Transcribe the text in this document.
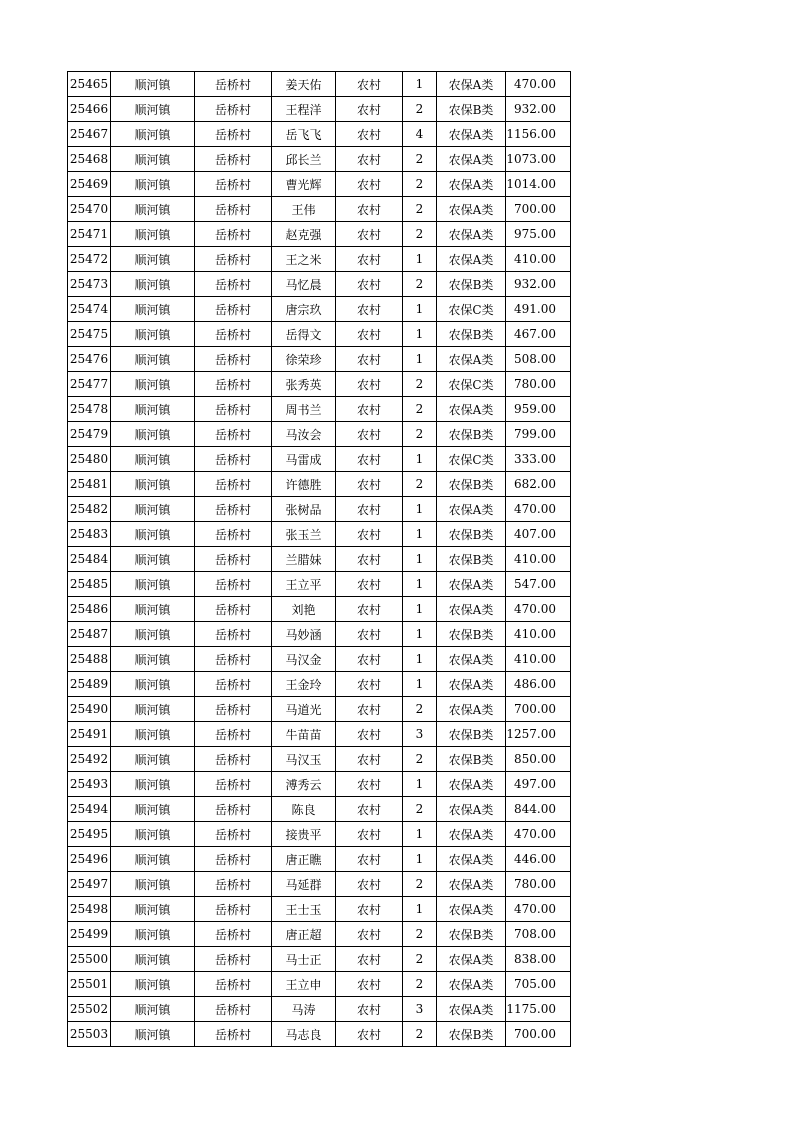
25465	顺河镇	岳桥村	姜天佑	农村	1	农保A类	470.00
25466	顺河镇	岳桥村	王程洋	农村	2	农保B类	932.00
25467	顺河镇	岳桥村	岳飞飞	农村	4	农保A类	1156.00
25468	顺河镇	岳桥村	邱长兰	农村	2	农保A类	1073.00
25469	顺河镇	岳桥村	曹光辉	农村	2	农保A类	1014.00
25470	顺河镇	岳桥村	王伟	农村	2	农保A类	700.00
25471	顺河镇	岳桥村	赵克强	农村	2	农保A类	975.00
25472	顺河镇	岳桥村	王之米	农村	1	农保A类	410.00
25473	顺河镇	岳桥村	马忆晨	农村	2	农保B类	932.00
25474	顺河镇	岳桥村	唐宗玖	农村	1	农保C类	491.00
25475	顺河镇	岳桥村	岳得文	农村	1	农保B类	467.00
25476	顺河镇	岳桥村	徐荣珍	农村	1	农保A类	508.00
25477	顺河镇	岳桥村	张秀英	农村	2	农保C类	780.00
25478	顺河镇	岳桥村	周书兰	农村	2	农保A类	959.00
25479	顺河镇	岳桥村	马汝会	农村	2	农保B类	799.00
25480	顺河镇	岳桥村	马雷成	农村	1	农保C类	333.00
25481	顺河镇	岳桥村	许德胜	农村	2	农保B类	682.00
25482	顺河镇	岳桥村	张树品	农村	1	农保A类	470.00
25483	顺河镇	岳桥村	张玉兰	农村	1	农保B类	407.00
25484	顺河镇	岳桥村	兰腊妹	农村	1	农保B类	410.00
25485	顺河镇	岳桥村	王立平	农村	1	农保A类	547.00
25486	顺河镇	岳桥村	刘艳	农村	1	农保A类	470.00
25487	顺河镇	岳桥村	马妙涵	农村	1	农保B类	410.00
25488	顺河镇	岳桥村	马汉金	农村	1	农保A类	410.00
25489	顺河镇	岳桥村	王金玲	农村	1	农保A类	486.00
25490	顺河镇	岳桥村	马道光	农村	2	农保A类	700.00
25491	顺河镇	岳桥村	牛苗苗	农村	3	农保B类	1257.00
25492	顺河镇	岳桥村	马汉玉	农村	2	农保B类	850.00
25493	顺河镇	岳桥村	溥秀云	农村	1	农保A类	497.00
25494	顺河镇	岳桥村	陈良	农村	2	农保A类	844.00
25495	顺河镇	岳桥村	接贵平	农村	1	农保A类	470.00
25496	顺河镇	岳桥村	唐正瞧	农村	1	农保A类	446.00
25497	顺河镇	岳桥村	马延群	农村	2	农保A类	780.00
25498	顺河镇	岳桥村	王士玉	农村	1	农保A类	470.00
25499	顺河镇	岳桥村	唐正超	农村	2	农保B类	708.00
25500	顺河镇	岳桥村	马士正	农村	2	农保A类	838.00
25501	顺河镇	岳桥村	王立申	农村	2	农保A类	705.00
25502	顺河镇	岳桥村	马涛	农村	3	农保A类	1175.00
25503	顺河镇	岳桥村	马志良	农村	2	农保B类	700.00
